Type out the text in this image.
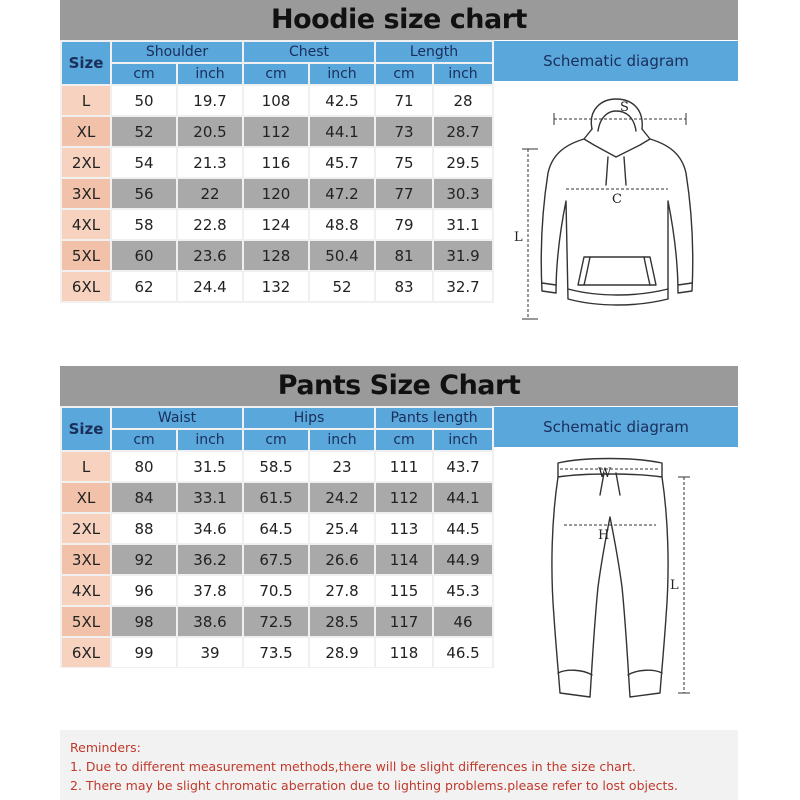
Hoodie size chart
Size	Shoulder		Chest		Length	
	cm	inch	cm	inch	cm	inch
L	50	19.7	108	42.5	71	28
XL	52	20.5	112	44.1	73	28.7
2XL	54	21.3	116	45.7	75	29.5
3XL	56	22	120	47.2	77	30.3
4XL	58	22.8	124	48.8	79	31.1
5XL	60	23.6	128	50.4	81	31.9
6XL	62	24.4	132	52	83	32.7
Schematic diagram
S
C
L
Pants Size Chart
Size	Waist		Hips		Pants length	
	cm	inch	cm	inch	cm	inch
L	80	31.5	58.5	23	111	43.7
XL	84	33.1	61.5	24.2	112	44.1
2XL	88	34.6	64.5	25.4	113	44.5
3XL	92	36.2	67.5	26.6	114	44.9
4XL	96	37.8	70.5	27.8	115	45.3
5XL	98	38.6	72.5	28.5	117	46
6XL	99	39	73.5	28.9	118	46.5
Schematic diagram
W
H
L
Reminders:
1. Due to different measurement methods,there will be slight differences in the size chart.
2. There may be slight chromatic aberration due to lighting problems.please refer to lost objects.
